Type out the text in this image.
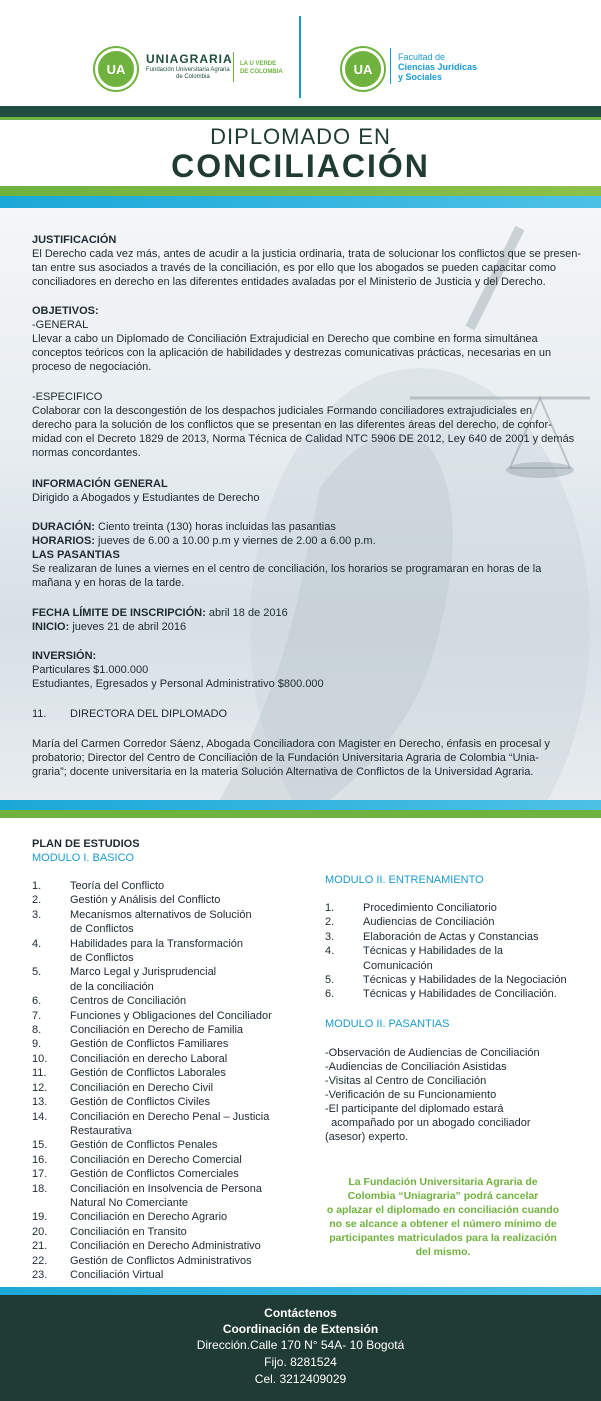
UA
UNIAGRARIA
Fundación Universitaria Agraria
de Colombia
LA U VERDE
DE COLOMBIA	UA
Facultad de
Ciencias Jurídicas
y Sociales
DIPLOMADO EN
CONCILIACIÓN
JUSTIFICACIÓN
El Derecho cada vez más, antes de acudir a la justicia ordinaria, trata de solucionar los conflictos que se presen-
tan entre sus asociados a través de la conciliación, es por ello que los abogados se pueden capacitar como
conciliadores en derecho en las diferentes entidades avaladas por el Ministerio de Justicia y del Derecho.
OBJETIVOS:
-GENERAL
Llevar a cabo un Diplomado de Conciliación Extrajudicial en Derecho que combine en forma simultánea
conceptos teóricos con la aplicación de habilidades y destrezas comunicativas prácticas, necesarias en un
proceso de negociación.
-ESPECIFICO
Colaborar con la descongestión de los despachos judiciales Formando conciliadores extrajudiciales en
derecho para la solución de los conflictos que se presentan en las diferentes áreas del derecho, de confor-
midad con el Decreto 1829 de 2013, Norma Técnica de Calidad NTC 5906 DE 2012, Ley 640 de 2001 y demás
normas concordantes.
INFORMACIÓN GENERAL
Dirigido a Abogados y Estudiantes de Derecho
DURACIÓN: Ciento treinta (130) horas incluidas las pasantias
HORARIOS: jueves de 6.00 a 10.00 p.m y viernes de 2.00 a 6.00 p.m.
LAS PASANTIAS
Se realizaran de lunes a viernes en el centro de conciliación, los horarios se programaran en horas de la
mañana y en horas de la tarde.
FECHA LÍMITE DE INSCRIPCIÓN: abril 18 de 2016
INICIO: jueves 21 de abril 2016
INVERSIÓN:
Particulares $1.000.000
Estudiantes, Egresados y Personal Administrativo $800.000
11. DIRECTORA DEL DIPLOMADO
María del Carmen Corredor Sáenz, Abogada Conciliadora con Magister en Derecho, énfasis en procesal y
probatorio; Director del Centro de Conciliación de la Fundación Universitaria Agraria de Colombia “Unia-
graria”; docente universitaria en la materia Solución Alternativa de Conflictos de la Universidad Agraria.
PLAN DE ESTUDIOS
MODULO I. BASICO
1.	Teoría del Conflicto
2.	Gestión y Análisis del Conflicto
3.	Mecanismos alternativos de Solución
de Conflictos
4.	Habilidades para la Transformación
de Conflictos
5.	Marco Legal y Jurisprudencial
de la conciliación
6.	Centros de Conciliación
7.	Funciones y Obligaciones del Conciliador
8.	Conciliación en Derecho de Familia
9.	Gestión de Conflictos Familiares
10. Conciliación en derecho Laboral
11. Gestión de Conflictos Laborales
12. Conciliación en Derecho Civil
13. Gestión de Conflictos Civiles
14. Conciliación en Derecho Penal – Justicia
Restaurativa
15. Gestión de Conflictos Penales
16. Conciliación en Derecho Comercial
17. Gestión de Conflictos Comerciales
18. Conciliación en Insolvencia de Persona
Natural No Comerciante
19. Conciliación en Derecho Agrario
20. Conciliación en Transito
21. Conciliación en Derecho Administrativo
22. Gestión de Conflictos Administrativos
23. Conciliación Virtual
MODULO II. ENTRENAMIENTO
1.	Procedimiento Conciliatorio
2.	Audiencias de Conciliación
3.	Elaboración de Actas y Constancias
4.	Técnicas y Habilidades de la
Comunicación
5.	Técnicas y Habilidades de la Negociación
6.	Técnicas y Habilidades de Conciliación.
MODULO II. PASANTIAS
-Observación de Audiencias de Conciliación
-Audiencias de Conciliación Asistidas
-Visitas al Centro de Conciliación
-Verificación de su Funcionamiento
-El participante del diplomado estará
acompañado por un abogado conciliador
(asesor) experto.
La Fundación Universitaria Agraria de
Colombia “Uniagraria” podrá cancelar
o aplazar el diplomado en conciliación cuando
no se alcance a obtener el número mínimo de
participantes matriculados para la realización
del mismo.
Contáctenos
Coordinación de Extensión
Dirección.Calle 170 N° 54A- 10 Bogotá
Fijo. 8281524
Cel. 3212409029
